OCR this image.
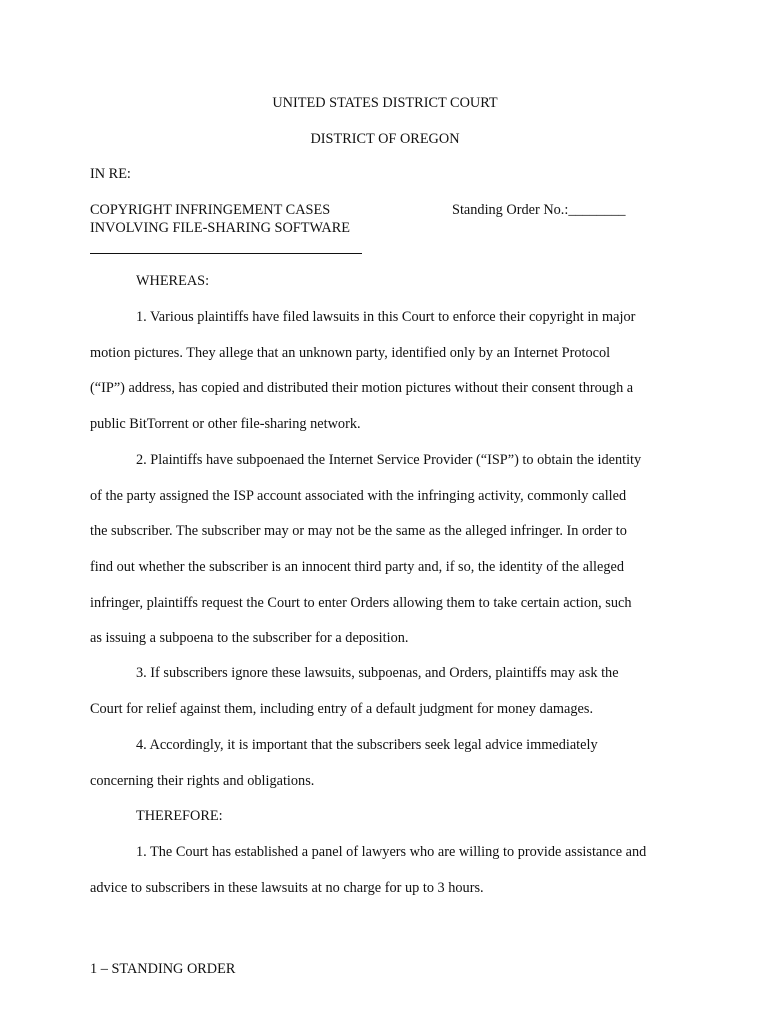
UNITED STATES DISTRICT COURT
DISTRICT OF OREGON
IN RE:
COPYRIGHT INFRINGEMENT CASES
INVOLVING FILE-SHARING SOFTWARE
Standing Order No.:________
WHEREAS:
1. Various plaintiffs have filed lawsuits in this Court to enforce their copyright in major
motion pictures. They allege that an unknown party, identified only by an Internet Protocol
(“IP”) address, has copied and distributed their motion pictures without their consent through a
public BitTorrent or other file-sharing network.
2. Plaintiffs have subpoenaed the Internet Service Provider (“ISP”) to obtain the identity
of the party assigned the ISP account associated with the infringing activity, commonly called
the subscriber. The subscriber may or may not be the same as the alleged infringer. In order to
find out whether the subscriber is an innocent third party and, if so, the identity of the alleged
infringer, plaintiffs request the Court to enter Orders allowing them to take certain action, such
as issuing a subpoena to the subscriber for a deposition.
3. If subscribers ignore these lawsuits, subpoenas, and Orders, plaintiffs may ask the
Court for relief against them, including entry of a default judgment for money damages.
4. Accordingly, it is important that the subscribers seek legal advice immediately
concerning their rights and obligations.
THEREFORE:
1. The Court has established a panel of lawyers who are willing to provide assistance and
advice to subscribers in these lawsuits at no charge for up to 3 hours.
1 – STANDING ORDER
